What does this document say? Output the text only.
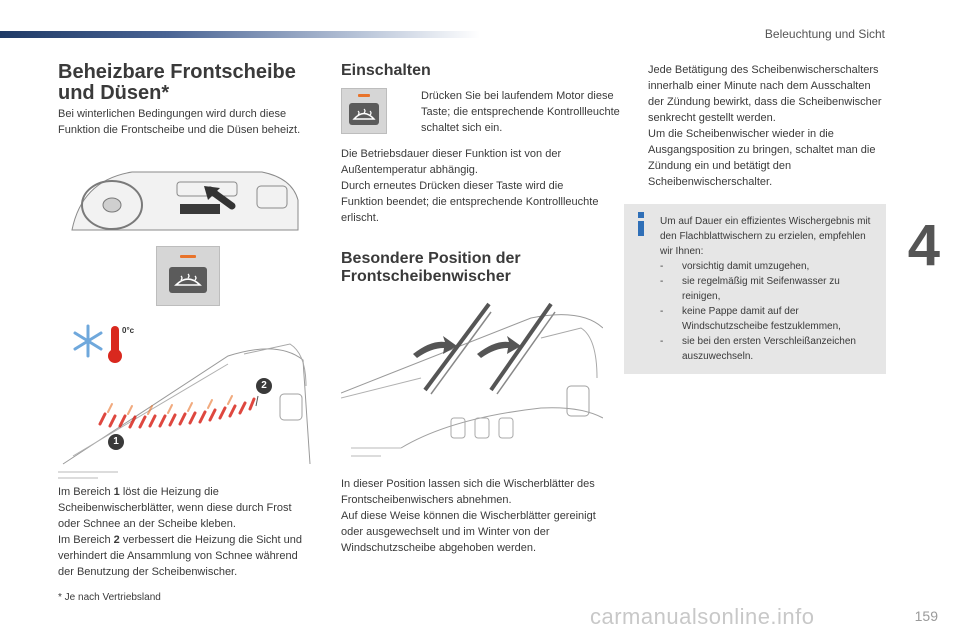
Beleuchtung und Sicht
4
159
carmanualsonline.info
Beheizbare Frontscheibe
und Düsen*

Bei winterlichen Bedingungen wird durch diese Funktion die Frontscheibe und die Düsen beheizt.

0°c
1
2

Im Bereich 1 löst die Heizung die Scheibenwischerblätter, wenn diese durch Frost oder Schnee an der Scheibe kleben.

Im Bereich 2 verbessert die Heizung die Sicht und verhindert die Ansammlung von Schnee während der Benutzung der Scheibenwischer.

* Je nach Vertriebsland

Einschalten
Drücken Sie bei laufendem Motor diese Taste; die entsprechende Kontrollleuchte schaltet sich ein.

Die Betriebsdauer dieser Funktion ist von der Außentemperatur abhängig.

Durch erneutes Drücken dieser Taste wird die Funktion beendet; die entsprechende Kontrollleuchte erlischt.

Besondere Position der
Frontscheibenwischer

In dieser Position lassen sich die Wischerblätter des Frontscheibenwischers abnehmen.

Auf diese Weise können die Wischerblätter gereinigt oder ausgewechselt und im Winter von der Windschutzscheibe abgehoben werden.

Jede Betätigung des Scheibenwischerschalters innerhalb einer Minute nach dem Ausschalten der Zündung bewirkt, dass die Scheibenwischer senkrecht gestellt werden.
Um die Scheibenwischer wieder in die Ausgangsposition zu bringen, schaltet man die Zündung ein und betätigt den Scheibenwischerschalter.

Um auf Dauer ein effizientes Wischergebnis mit den Flachblattwischern zu erzielen, empfehlen wir Ihnen:

- vorsichtig damit umzugehen,
- sie regelmäßig mit Seifenwasser zu reinigen,
- keine Pappe damit auf der Windschutzscheibe festzuklemmen,
- sie bei den ersten Verschleißanzeichen auszuwechseln.
